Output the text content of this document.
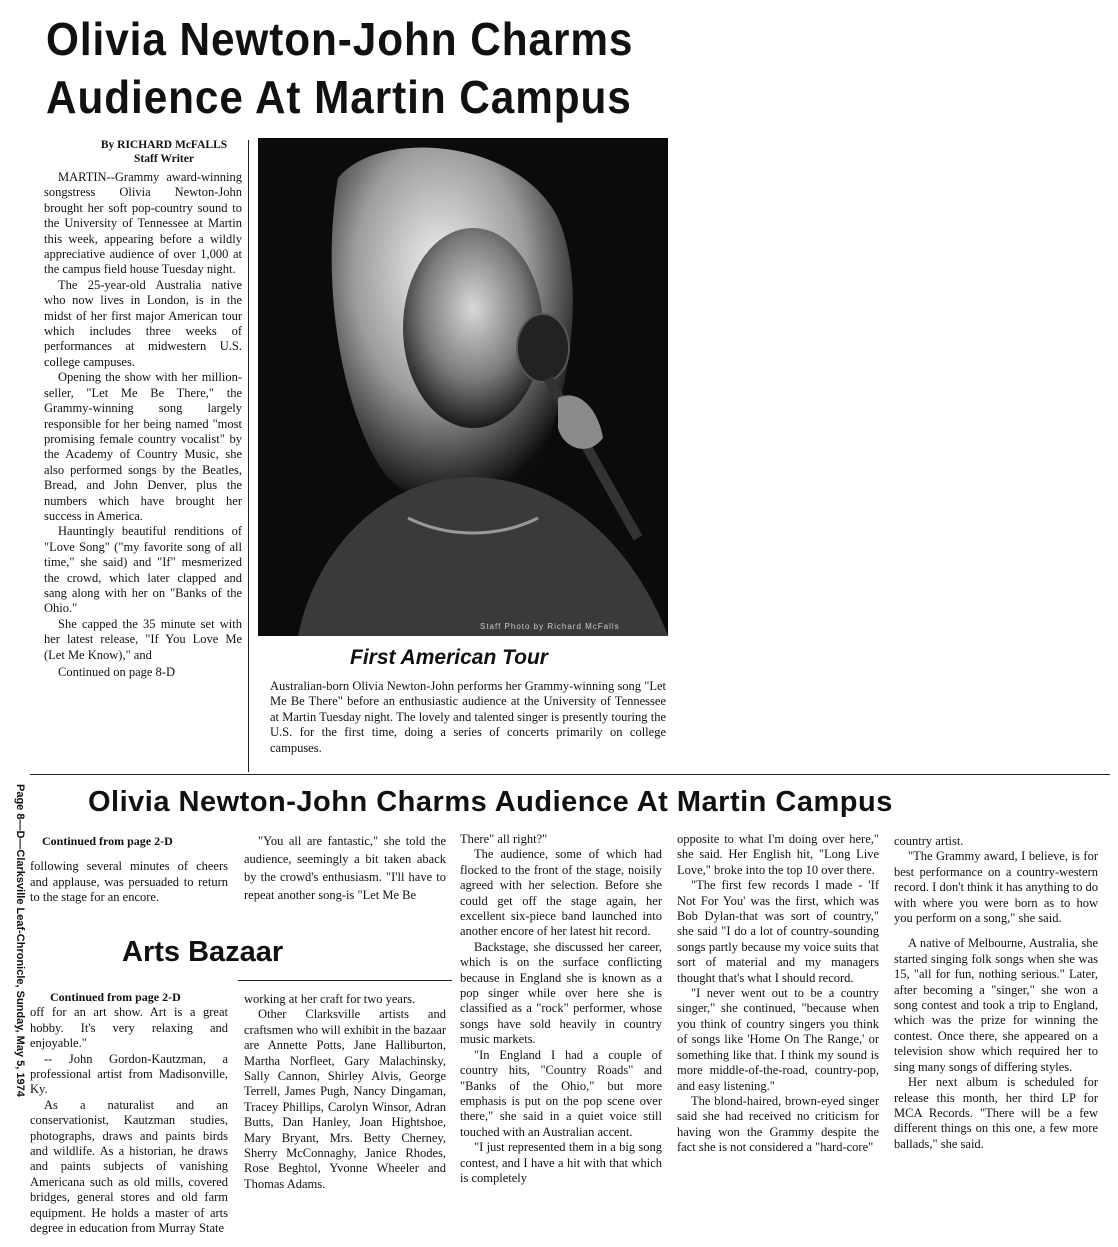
Olivia Newton-John Charms
Audience At Martin Campus
By RICHARD McFALLS
Staff Writer

MARTIN--Grammy award-winning songstress Olivia Newton-John brought her soft pop-country sound to the University of Tennessee at Martin this week, appearing before a wildly appreciative audience of over 1,000 at the campus field house Tuesday night.

The 25-year-old Australia native who now lives in London, is in the midst of her first major American tour which includes three weeks of performances at midwestern U.S. college campuses.

Opening the show with her million-seller, "Let Me Be There," the Grammy-winning song largely responsible for her being named "most promising female country vocalist" by the Academy of Country Music, she also performed songs by the Beatles, Bread, and John Denver, plus the numbers which have brought her success in America.

Hauntingly beautiful renditions of "Love Song" ("my favorite song of all time," she said) and "If" mesmerized the crowd, which later clapped and sang along with her on "Banks of the Ohio."

She capped the 35 minute set with her latest release, "If You Love Me (Let Me Know)," and

Continued on page 8-D

Staff Photo by Richard McFalls
First American Tour
Australian-born Olivia Newton-John performs her Grammy-winning song "Let Me Be There" before an enthusiastic audience at the University of Tennessee at Martin Tuesday night. The lovely and talented singer is presently touring the U.S. for the first time, doing a series of concerts primarily on college campuses.
Page 8—D—Clarksville Leaf-Chronicle, Sunday, May 5, 1974 Olivia Newton-John Charms Audience At Martin Campus

Continued from page 2-D

following several minutes of cheers and applause, was persuaded to return to the stage for an encore.

Arts Bazaar

Continued from page 2-D

off for an art show. Art is a great hobby. It's very relaxing and enjoyable."

-- John Gordon-Kautzman, a professional artist from Madisonville, Ky.

As a naturalist and an conservationist, Kautzman studies, photographs, draws and paints birds and wildlife. As a historian, he draws and paints subjects of vanishing Americana such as old mills, covered bridges, general stores and old farm equipment. He holds a master of arts degree in education from Murray State

"You all are fantastic," she told the audience, seemingly a bit taken aback by the crowd's enthusiasm. "I'll have to repeat another song-is "Let Me Be

working at her craft for two years.

Other Clarksville artists and craftsmen who will exhibit in the bazaar are Annette Potts, Jane Halliburton, Martha Norfleet, Gary Malachinsky, Sally Cannon, Shirley Alvis, George Terrell, James Pugh, Nancy Dingaman, Tracey Phillips, Carolyn Winsor, Adran Butts, Dan Hanley, Joan Hightshoe, Mary Bryant, Mrs. Betty Cherney, Sherry McConnaghy, Janice Rhodes, Rose Beghtol, Yvonne Wheeler and Thomas Adams.

There" all right?"

The audience, some of which had flocked to the front of the stage, noisily agreed with her selection. Before she could get off the stage again, her excellent six-piece band launched into another encore of her latest hit record.

Backstage, she discussed her career, which is on the surface conflicting because in England she is known as a pop singer while over here she is classified as a "rock" performer, whose songs have sold heavily in country music markets.

"In England I had a couple of country hits, "Country Roads" and "Banks of the Ohio," but more emphasis is put on the pop scene over there," she said in a quiet voice still touched with an Australian accent.

"I just represented them in a big song contest, and I have a hit with that which is completely

opposite to what I'm doing over here," she said. Her English hit, "Long Live Love," broke into the top 10 over there.

"The first few records I made - 'If Not For You' was the first, which was Bob Dylan-that was sort of country," she said "I do a lot of country-sounding songs partly because my voice suits that sort of material and my managers thought that's what I should record.

"I never went out to be a country singer," she continued, "because when you think of country singers you think of songs like 'Home On The Range,' or something like that. I think my sound is more middle-of-the-road, country-pop, and easy listening."

The blond-haired, brown-eyed singer said she had received no criticism for having won the Grammy despite the fact she is not considered a "hard-core"

country artist.

"The Grammy award, I believe, is for best performance on a country-western record. I don't think it has anything to do with where you were born as to how you perform on a song," she said.

A native of Melbourne, Australia, she started singing folk songs when she was 15, "all for fun, nothing serious." Later, after becoming a "singer," she won a song contest and took a trip to England, which was the prize for winning the contest. Once there, she appeared on a television show which required her to sing many songs of differing styles.

Her next album is scheduled for release this month, her third LP for MCA Records. "There will be a few different things on this one, a few more ballads," she said.
